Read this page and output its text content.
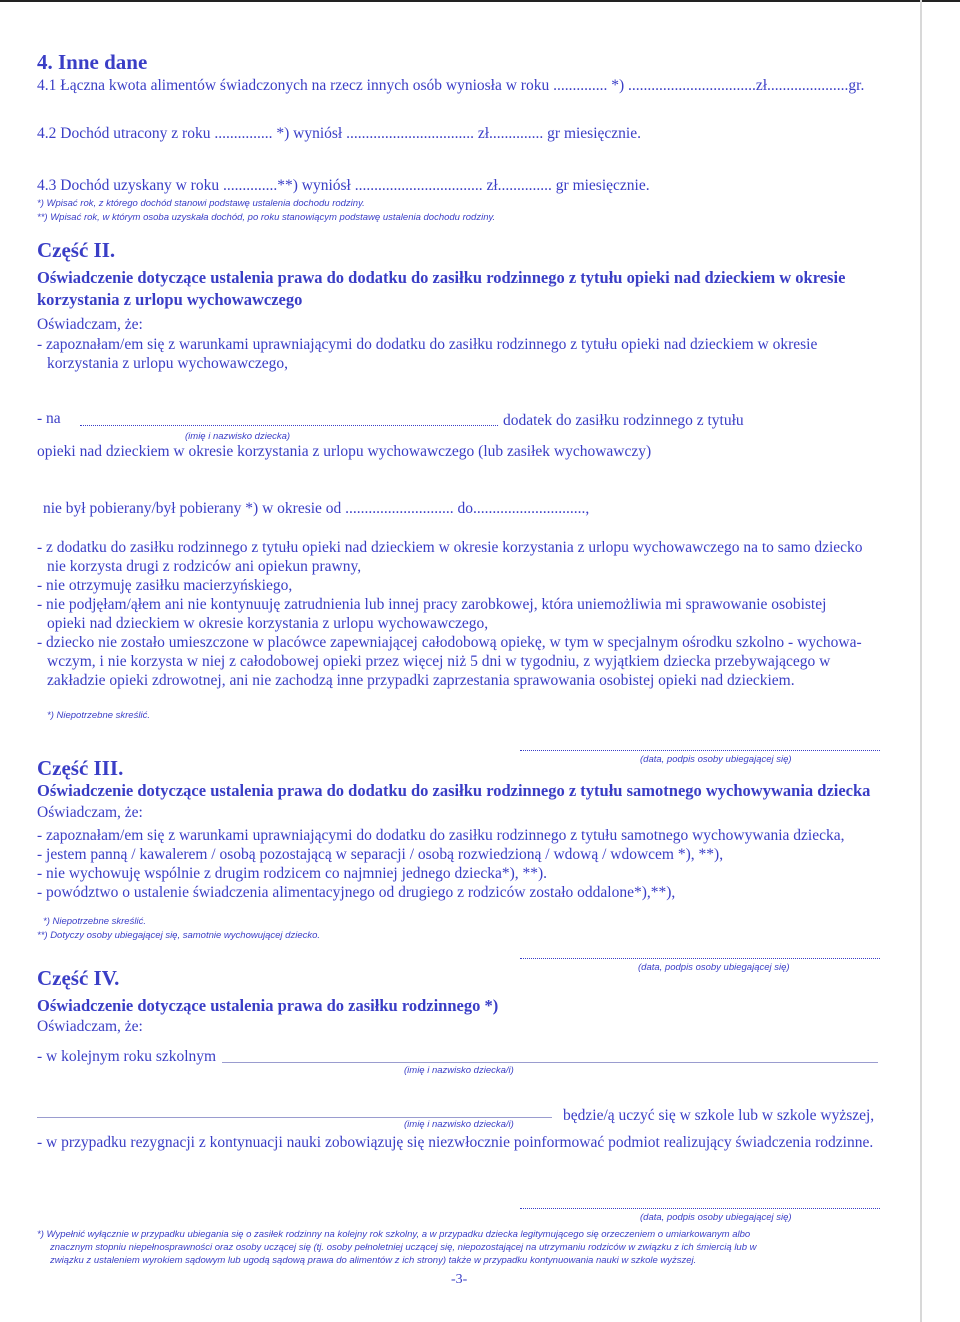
4. Inne dane
4.1 Łączna kwota alimentów świadczonych na rzecz innych osób wyniosła w roku .............. *) .................................zł.....................gr.
4.2 Dochód utracony z roku ............... *) wyniósł ................................. zł.............. gr miesięcznie.
4.3 Dochód uzyskany w roku ..............**) wyniósł ................................. zł.............. gr miesięcznie.
*) Wpisać rok, z którego dochód stanowi podstawę ustalenia dochodu rodziny.
**) Wpisać rok, w którym osoba uzyskała dochód, po roku stanowiącym podstawę ustalenia dochodu rodziny.
Część II.
Oświadczenie dotyczące ustalenia prawa do dodatku do zasiłku rodzinnego z tytułu opieki nad dzieckiem w okresie
korzystania z urlopu wychowawczego
Oświadczam, że:
- zapoznałam/em się z warunkami uprawniającymi do dodatku do zasiłku rodzinnego z tytułu opieki nad dzieckiem w okresie
korzystania z urlopu wychowawczego,
- na	dodatek do zasiłku rodzinnego z tytułu
(imię i nazwisko dziecka)
opieki nad dzieckiem w okresie korzystania z urlopu wychowawczego (lub zasiłek wychowawczy)
nie był pobierany/był pobierany *) w okresie od ............................ do.............................,
- z dodatku do zasiłku rodzinnego z tytułu opieki nad dzieckiem w okresie korzystania z urlopu wychowawczego na to samo dziecko
nie korzysta drugi z rodziców ani opiekun prawny,
- nie otrzymuję zasiłku macierzyńskiego,
- nie podjęłam/ąłem ani nie kontynuuję zatrudnienia lub innej pracy zarobkowej, która uniemożliwia mi sprawowanie osobistej
opieki nad dzieckiem w okresie korzystania z urlopu wychowawczego,
- dziecko nie zostało umieszczone w placówce zapewniającej całodobową opiekę, w tym w specjalnym ośrodku szkolno - wychowa-
wczym, i nie korzysta w niej z całodobowej opieki przez więcej niż 5 dni w tygodniu, z wyjątkiem dziecka przebywającego w
zakładzie opieki zdrowotnej, ani nie zachodzą inne przypadki zaprzestania sprawowania osobistej opieki nad dzieckiem.
*) Niepotrzebne skreślić.
(data, podpis osoby ubiegającej się)
Część III.
Oświadczenie dotyczące ustalenia prawa do dodatku do zasiłku rodzinnego z tytułu samotnego wychowywania dziecka
Oświadczam, że:
- zapoznałam/em się z warunkami uprawniającymi do dodatku do zasiłku rodzinnego z tytułu samotnego wychowywania dziecka,
- jestem panną / kawalerem / osobą pozostającą w separacji / osobą rozwiedzioną / wdową / wdowcem *), **),
- nie wychowuję wspólnie z drugim rodzicem co najmniej jednego dziecka*), **).
- powództwo o ustalenie świadczenia alimentacyjnego od drugiego z rodziców zostało oddalone*),**),
*) Niepotrzebne skreślić.
**) Dotyczy osoby ubiegającej się, samotnie wychowującej dziecko.
(data, podpis osoby ubiegającej się)
Część IV.
Oświadczenie dotyczące ustalenia prawa do zasiłku rodzinnego *)
Oświadczam, że:
- w kolejnym roku szkolnym
(imię i nazwisko dziecka/i)
będzie/ą uczyć się w szkole lub w szkole wyższej,
(imię i nazwisko dziecka/i)
- w przypadku rezygnacji z kontynuacji nauki zobowiązuję się niezwłocznie poinformować podmiot realizujący świadczenia rodzinne.
(data, podpis osoby ubiegającej się)
*) Wypełnić wyłącznie w przypadku ubiegania się o zasiłek rodzinny na kolejny rok szkolny, a w przypadku dziecka legitymującego się orzeczeniem o umiarkowanym albo
znacznym stopniu niepełnosprawności oraz osoby uczącej się (tj. osoby pełnoletniej uczącej się, niepozostającej na utrzymaniu rodziców w związku z ich śmiercią lub w
związku z ustaleniem wyrokiem sądowym lub ugodą sądową prawa do alimentów z ich strony) także w przypadku kontynuowania nauki w szkole wyższej.
-3-
